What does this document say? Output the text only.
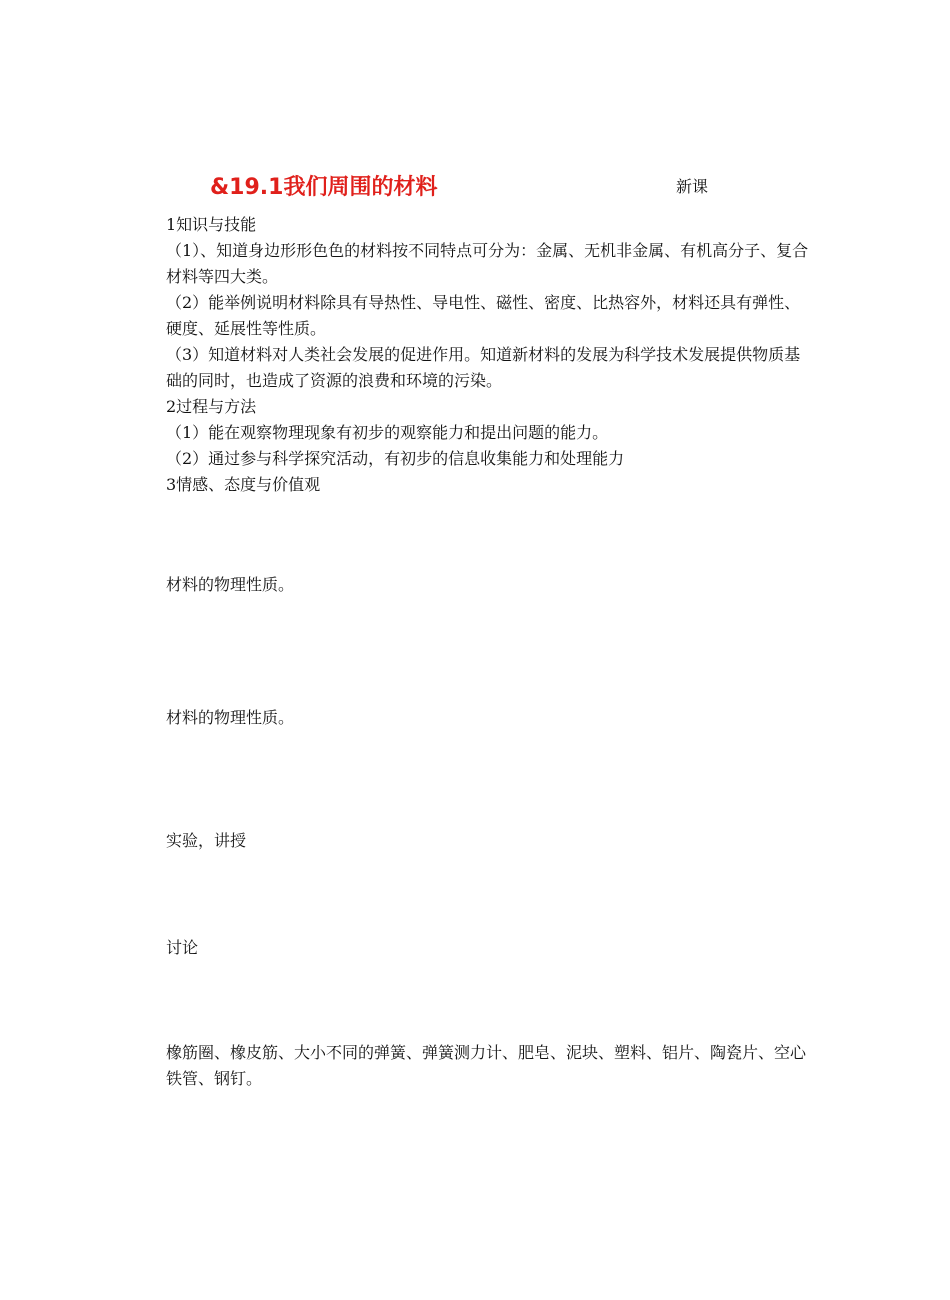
&19.1我们周围的材料	新课

1知识与技能

（1）、知道身边形形色色的材料按不同特点可分为：金属、无机非金属、有机高分子、复合材料等四大类。

（2）能举例说明材料除具有导热性、导电性、磁性、密度、比热容外，材料还具有弹性、硬度、延展性等性质。

（3）知道材料对人类社会发展的促进作用。知道新材料的发展为科学技术发展提供物质基础的同时，也造成了资源的浪费和环境的污染。

2过程与方法

（1）能在观察物理现象有初步的观察能力和提出问题的能力。

（2）通过参与科学探究活动，有初步的信息收集能力和处理能力

3情感、态度与价值观

材料的物理性质。

材料的物理性质。

实验，讲授

讨论

橡筋圈、橡皮筋、大小不同的弹簧、弹簧测力计、肥皂、泥块、塑料、铝片、陶瓷片、空心铁管、钢钉。
